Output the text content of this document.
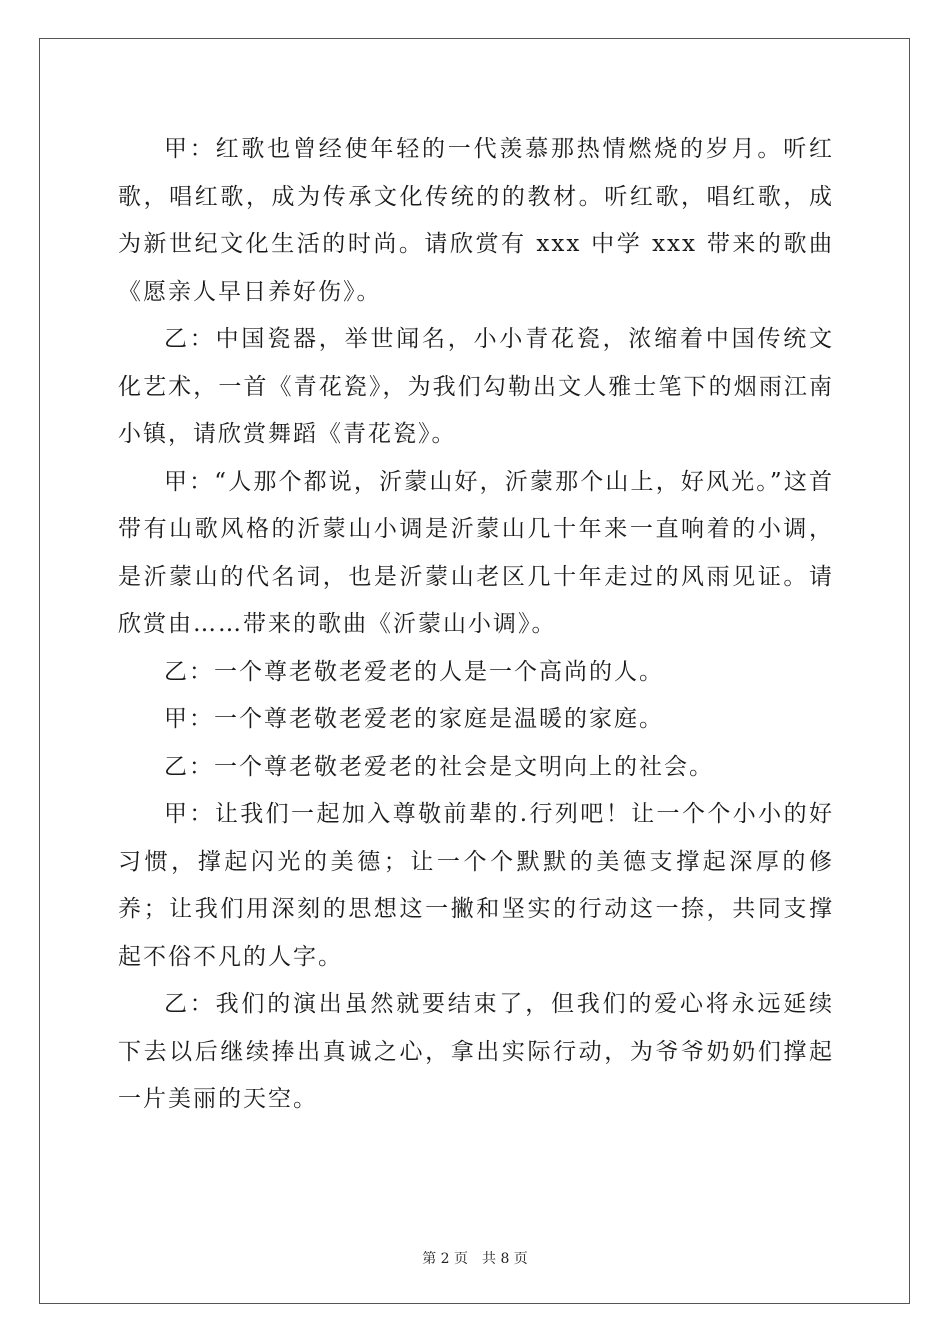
甲：红歌也曾经使年轻的一代羡慕那热情燃烧的岁月。听红歌，唱红歌，成为传承文化传统的的教材。听红歌，唱红歌，成为新世纪文化生活的时尚。请欣赏有 xxx 中学 xxx 带来的歌曲《愿亲人早日养好伤》。

乙：中国瓷器，举世闻名，小小青花瓷，浓缩着中国传统文化艺术，一首《青花瓷》，为我们勾勒出文人雅士笔下的烟雨江南小镇，请欣赏舞蹈《青花瓷》。

甲：“人那个都说，沂蒙山好，沂蒙那个山上，好风光。”这首带有山歌风格的沂蒙山小调是沂蒙山几十年来一直响着的小调，是沂蒙山的代名词，也是沂蒙山老区几十年走过的风雨见证。请欣赏由……带来的歌曲《沂蒙山小调》。

乙：一个尊老敬老爱老的人是一个高尚的人。

甲：一个尊老敬老爱老的家庭是温暖的家庭。

乙：一个尊老敬老爱老的社会是文明向上的社会。

甲：让我们一起加入尊敬前辈的.行列吧！让一个个小小的好习惯，撑起闪光的美德；让一个个默默的美德支撑起深厚的修养；让我们用深刻的思想这一撇和坚实的行动这一捺，共同支撑起不俗不凡的人字。

乙：我们的演出虽然就要结束了，但我们的爱心将永远延续下去以后继续捧出真诚之心，拿出实际行动，为爷爷奶奶们撑起一片美丽的天空。

第 2 页　共 8 页
